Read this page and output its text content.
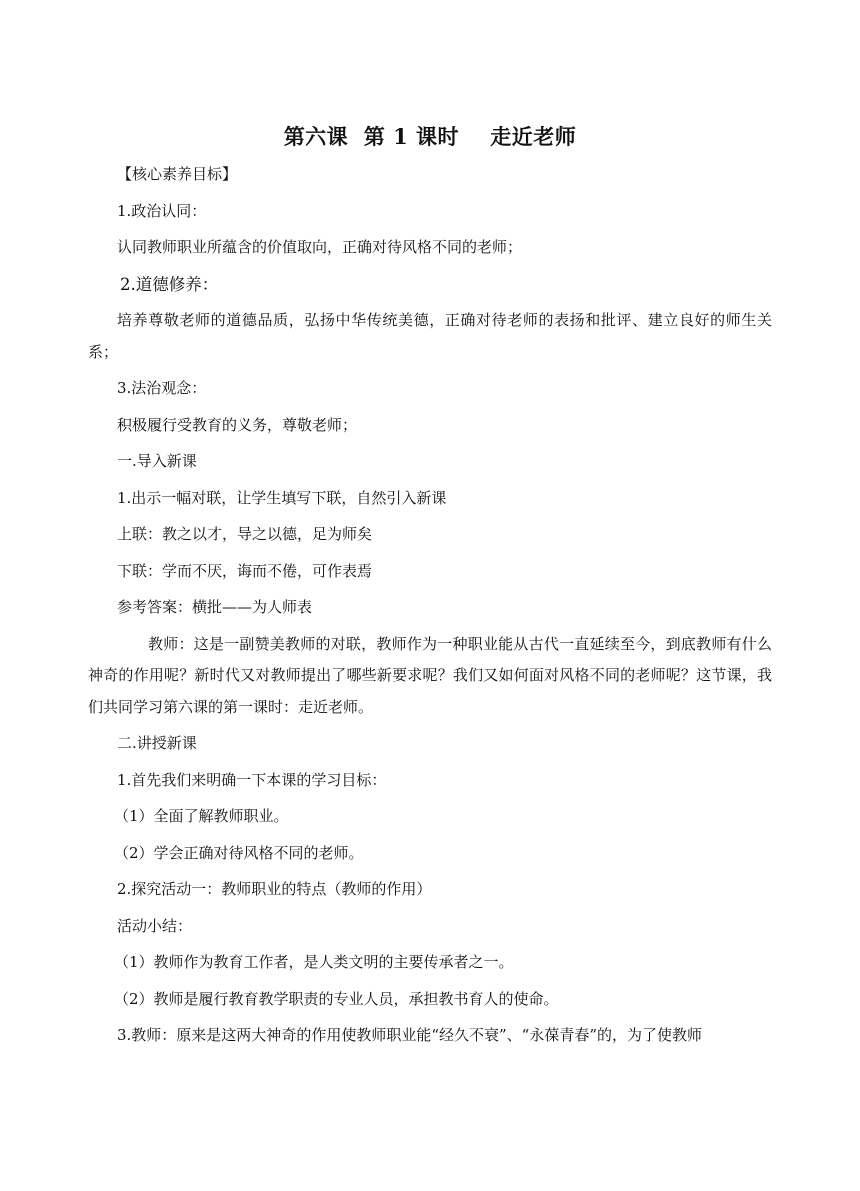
第六课  第 1 课时    走近老师
【核心素养目标】
1.政治认同：
认同教师职业所蕴含的价值取向，正确对待风格不同的老师；
2.道德修养：
培养尊敬老师的道德品质，弘扬中华传统美德，正确对待老师的表扬和批评、建立良好的师生关系；
3.法治观念：
积极履行受教育的义务，尊敬老师；
一.导入新课
1.出示一幅对联，让学生填写下联，自然引入新课
上联：教之以才，导之以德，足为师矣
下联：学而不厌，诲而不倦，可作表焉
参考答案：横批——为人师表
教师：这是一副赞美教师的对联，教师作为一种职业能从古代一直延续至今，到底教师有什么神奇的作用呢？新时代又对教师提出了哪些新要求呢？我们又如何面对风格不同的老师呢？这节课，我们共同学习第六课的第一课时：走近老师。
二.讲授新课
1.首先我们来明确一下本课的学习目标：
（1）全面了解教师职业。
（2）学会正确对待风格不同的老师。
2.探究活动一：教师职业的特点（教师的作用）
活动小结：
（1）教师作为教育工作者，是人类文明的主要传承者之一。
（2）教师是履行教育教学职责的专业人员，承担教书育人的使命。
3.教师：原来是这两大神奇的作用使教师职业能“经久不衰”、“永葆青春”的，为了使教师
